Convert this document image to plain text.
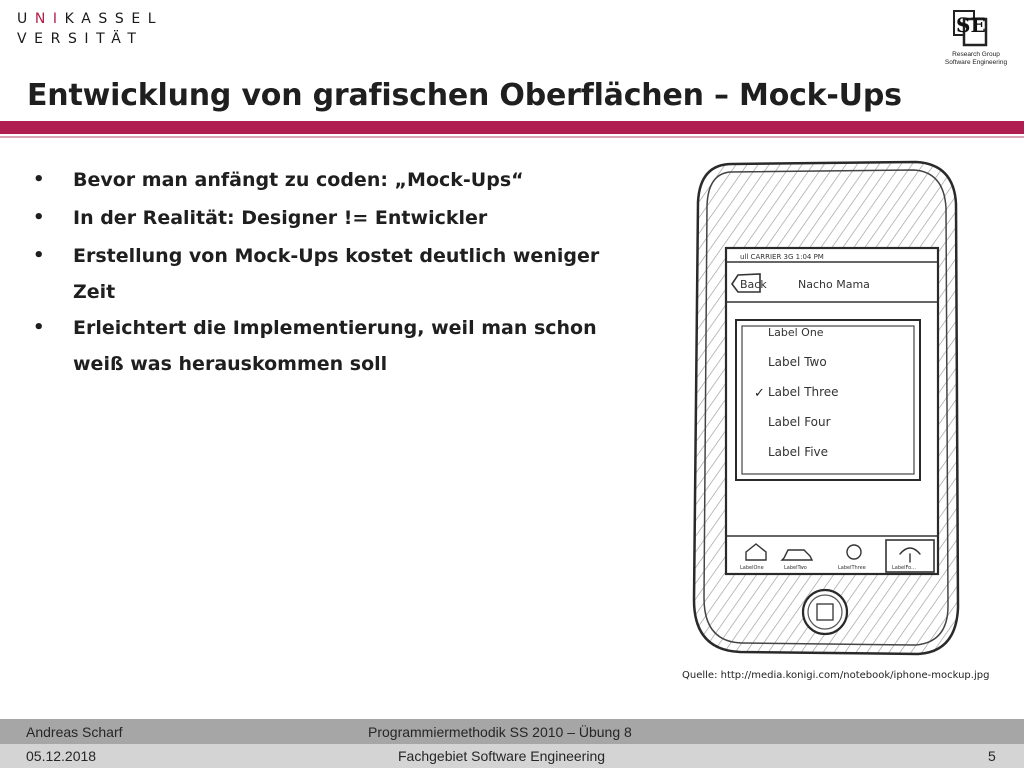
UNIKASSEL
VERSITÄT
SE
Research Group
Software Engineering
Entwicklung von grafischen Oberflächen – Mock-Ups
• Bevor man anfängt zu coden: „Mock-Ups“
• In der Realität: Designer != Entwickler
• Erstellung von Mock-Ups kostet deutlich weniger Zeit
• Erleichtert die Implementierung, weil man schon weiß was herauskommen soll
ull CARRIER 3G 1:04 PM
Back	Nacho Mama
Label One
Label Two
✓ Label Three
Label Four
Label Five
LabelOne	LabelTwo	LabelThree	LabelFo...
Quelle: http://media.konigi.com/notebook/iphone-mockup.jpg
Andreas Scharf	Programmiermethodik SS 2010 – Übung 8
05.12.2018	Fachgebiet Software Engineering	5
